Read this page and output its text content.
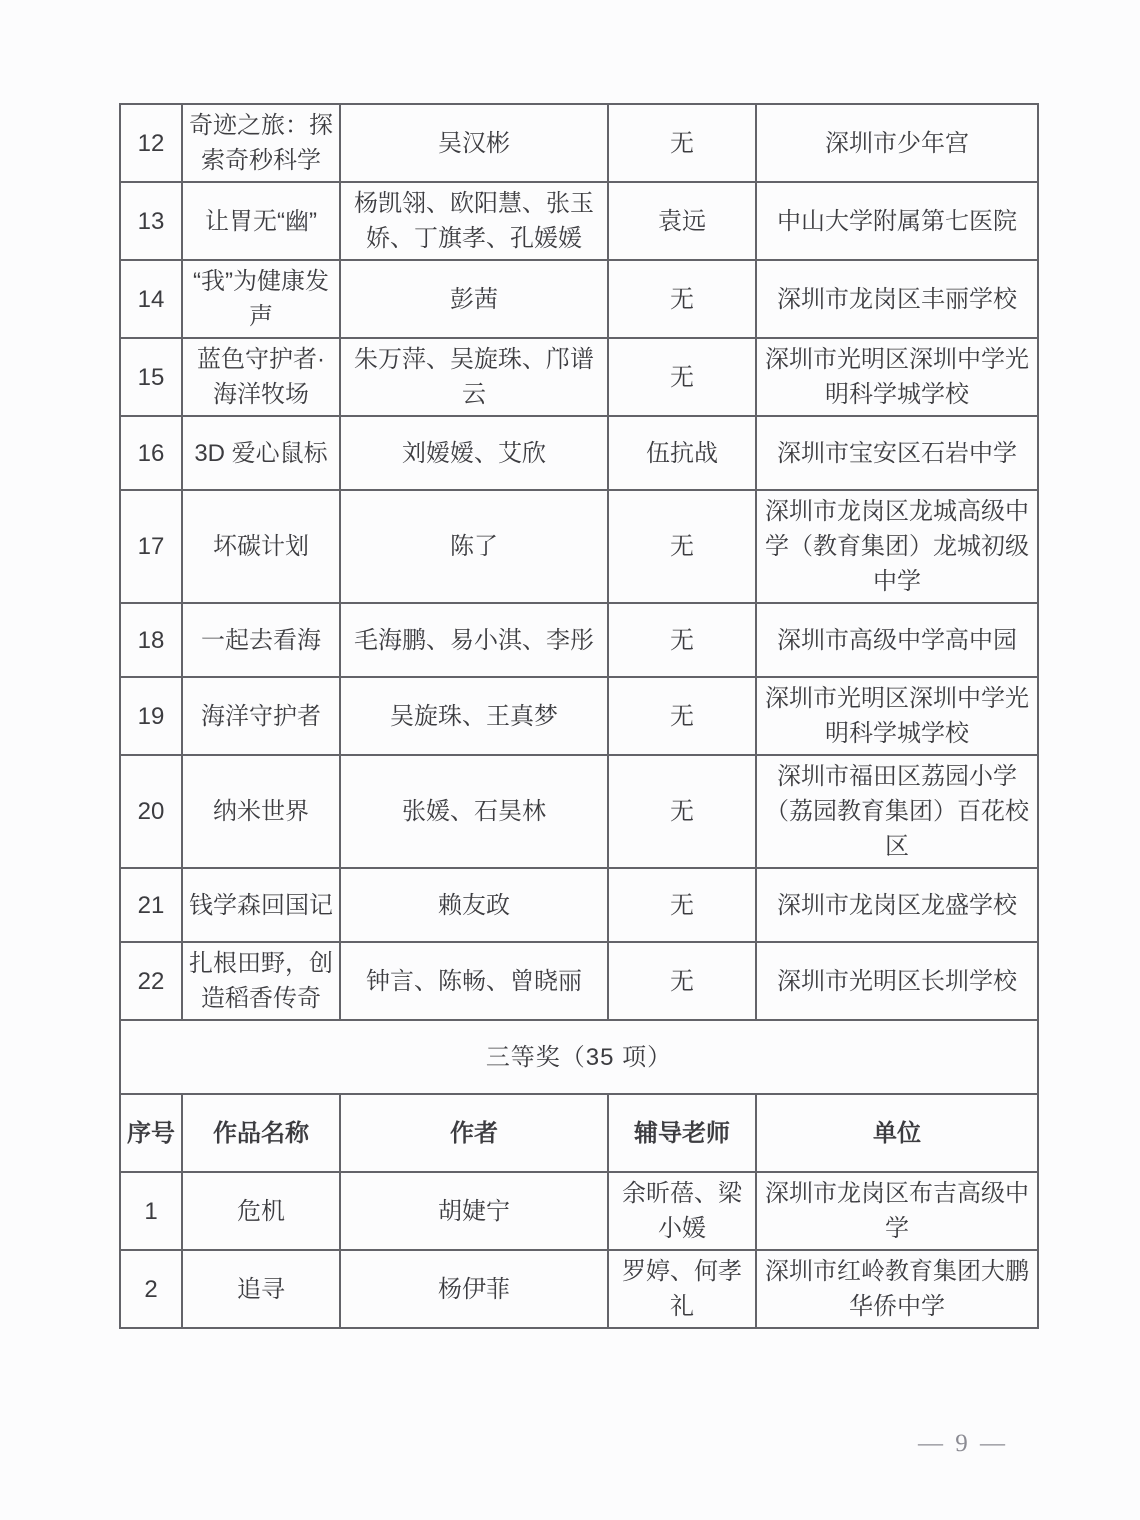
12	奇迹之旅：探索奇秒科学	吴汉彬	无	深圳市少年宫
13	让胃无“幽”	杨凯翎、欧阳慧、张玉娇、丁旗孝、孔媛媛	袁远	中山大学附属第七医院
14	“我”为健康发声	彭茜	无	深圳市龙岗区丰丽学校
15	蓝色守护者·海洋牧场	朱万萍、吴旋珠、邝谱云	无	深圳市光明区深圳中学光明科学城学校
16	3D 爱心鼠标	刘嫒嫒、艾欣	伍抗战	深圳市宝安区石岩中学
17	坏碳计划	陈了	无	深圳市龙岗区龙城高级中学（教育集团）龙城初级中学
18	一起去看海	毛海鹏、易小淇、李彤	无	深圳市高级中学高中园
19	海洋守护者	吴旋珠、王真梦	无	深圳市光明区深圳中学光明科学城学校
20	纳米世界	张媛、石昊林	无	深圳市福田区荔园小学（荔园教育集团）百花校区
21	钱学森回国记	赖友政	无	深圳市龙岗区龙盛学校
22	扎根田野，创造稻香传奇	钟言、陈畅、曾晓丽	无	深圳市光明区长圳学校
三等奖（35 项）				
序号	作品名称	作者	辅导老师	单位
1	危机	胡婕宁	余昕蓓、梁小媛	深圳市龙岗区布吉高级中学
2	追寻	杨伊菲	罗婷、何孝礼	深圳市红岭教育集团大鹏华侨中学
— 9 —
